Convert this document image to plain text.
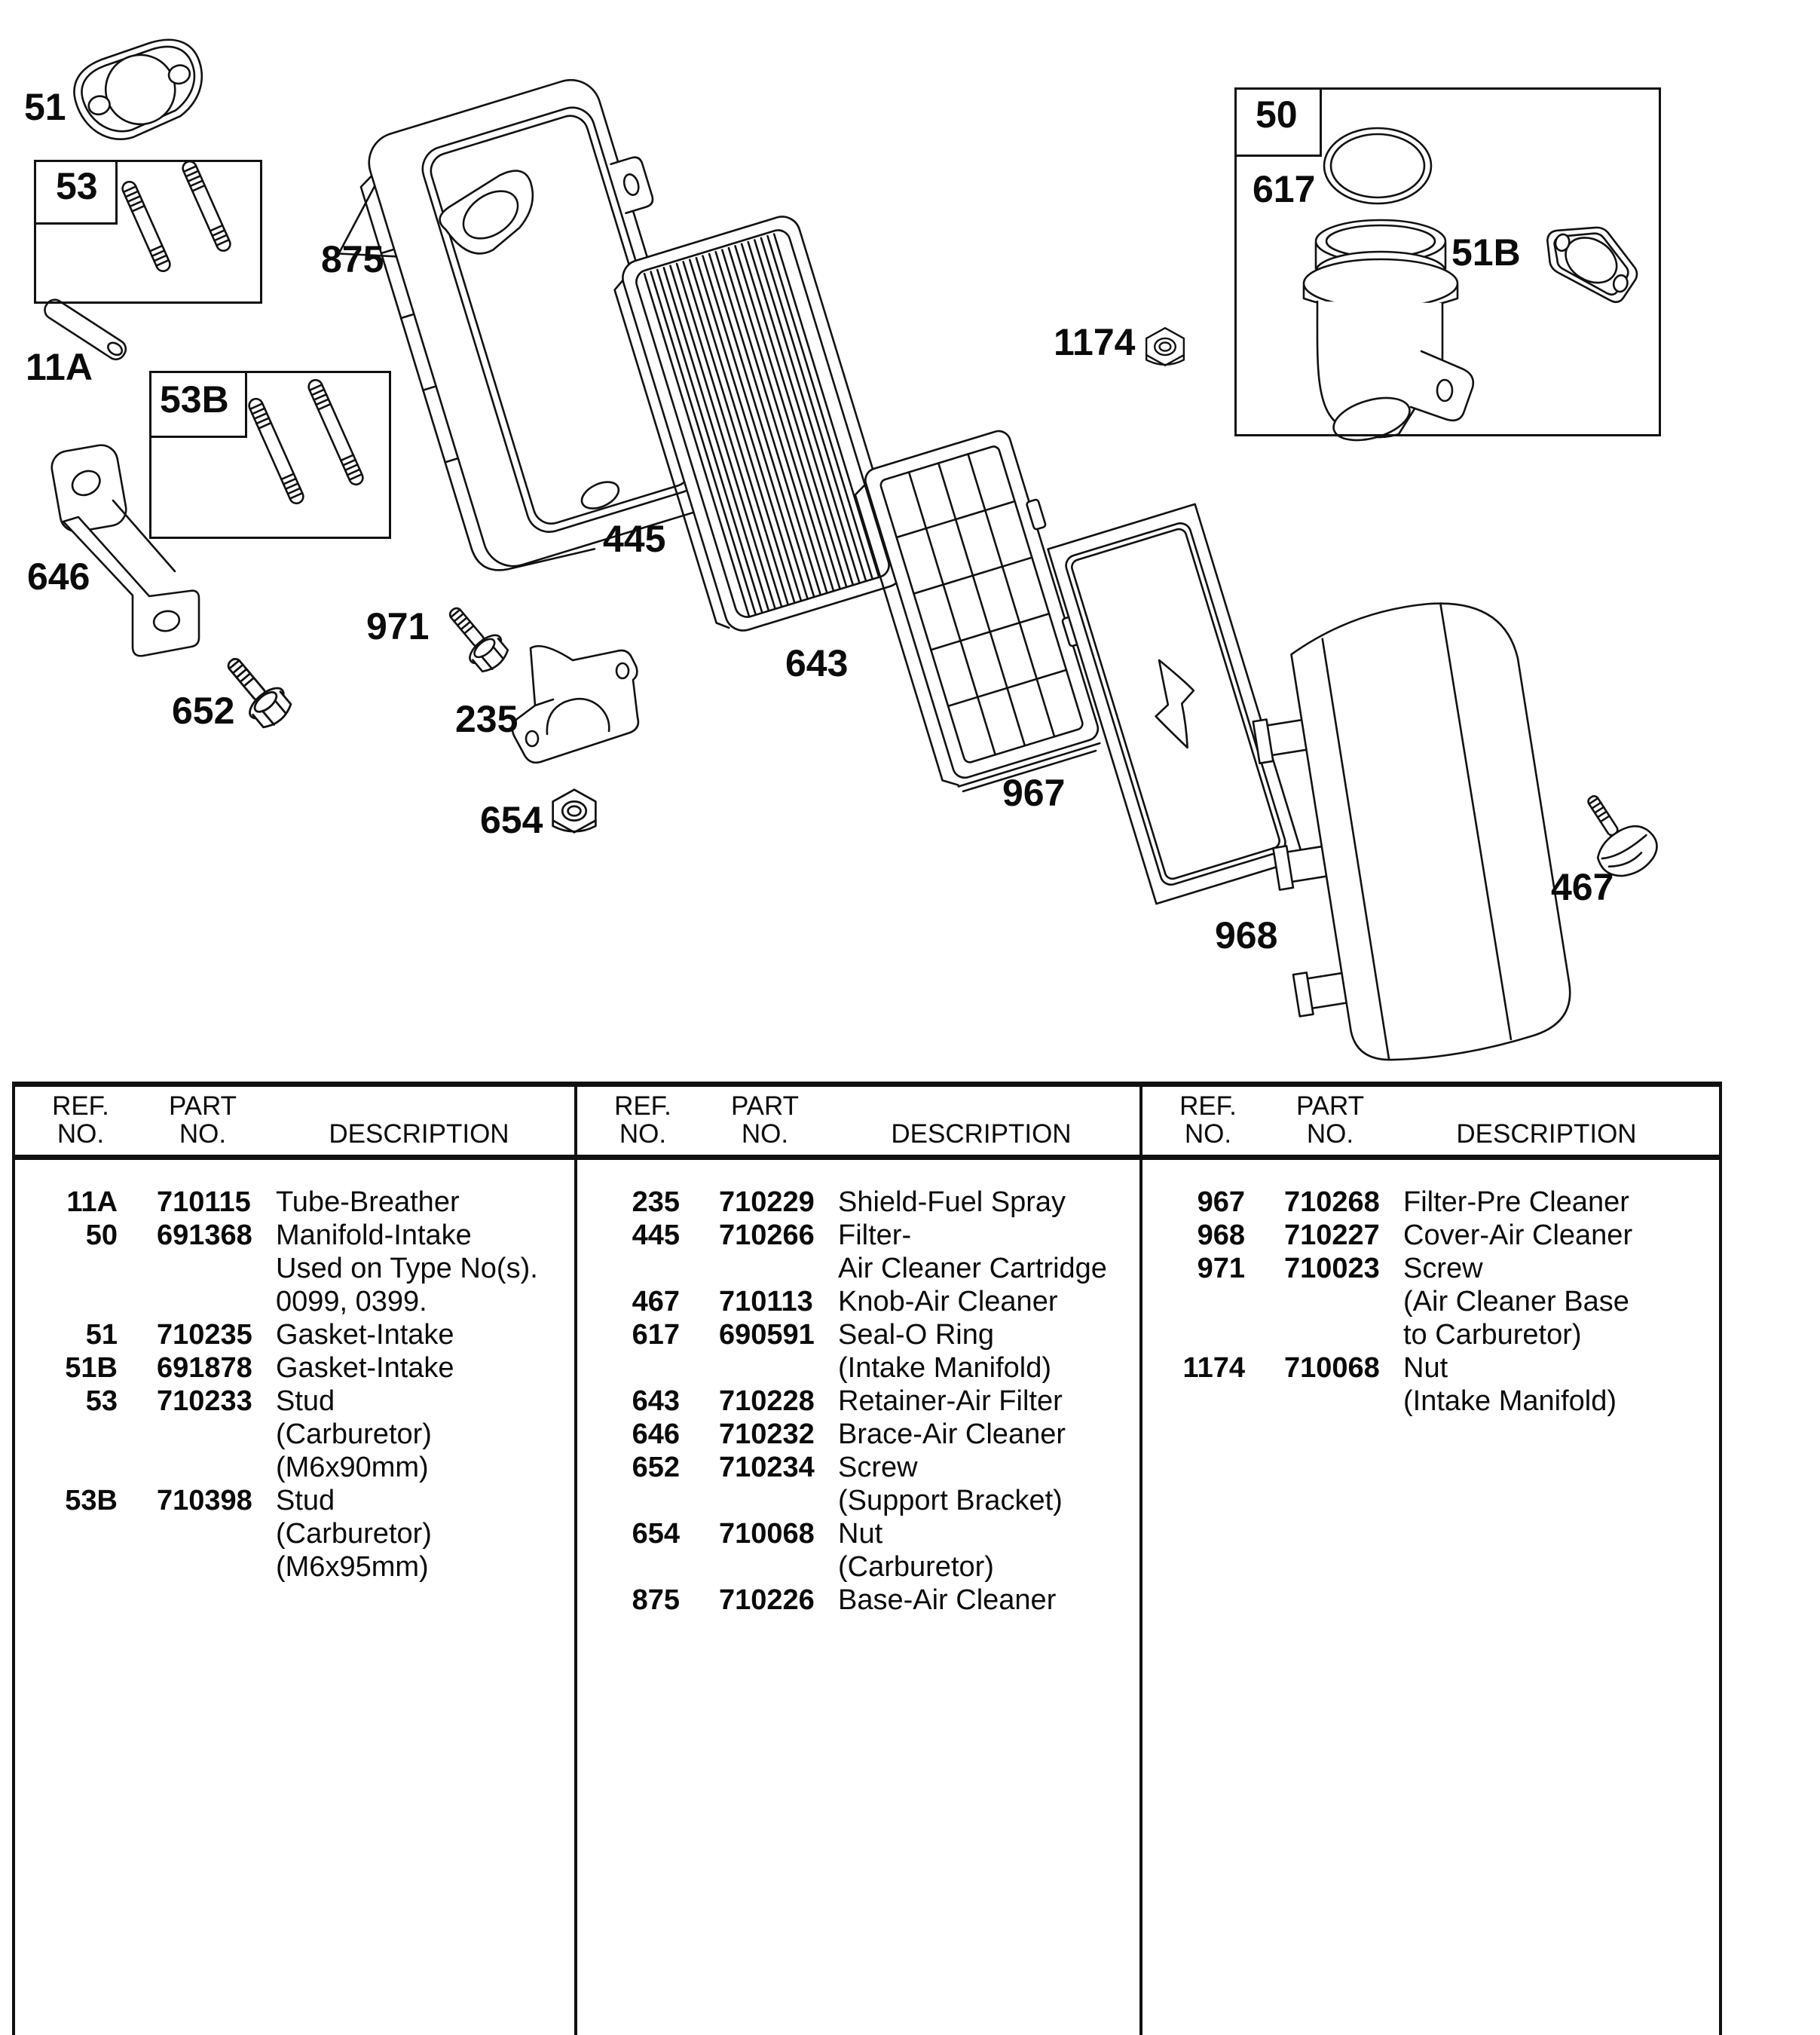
51
53
875
11A
53B
646
652
971
235
654
445
643
1174
967
968
467
50
617
51B
REF.
NO.
PART
NO.	DESCRIPTION
11A 710115 Tube-Breather
50 691368 Manifold-Intake
Used on Type No(s).
0099, 0399.
51 710235 Gasket-Intake
51B 691878 Gasket-Intake
53 710233 Stud
(Carburetor)
(M6x90mm)
53B 710398 Stud
(Carburetor)
(M6x95mm)
REF.
NO.
PART
NO.	DESCRIPTION
235 710229 Shield-Fuel Spray
445 710266 Filter-
Air Cleaner Cartridge
467 710113 Knob-Air Cleaner
617 690591 Seal-O Ring
(Intake Manifold)
643 710228 Retainer-Air Filter
646 710232 Brace-Air Cleaner
652 710234 Screw
(Support Bracket)
654 710068 Nut
(Carburetor)
875 710226 Base-Air Cleaner
REF.
NO.
PART
NO.	DESCRIPTION
967 710268 Filter-Pre Cleaner
968 710227 Cover-Air Cleaner
971 710023 Screw
(Air Cleaner Base
to Carburetor)
1174 710068 Nut
(Intake Manifold)
